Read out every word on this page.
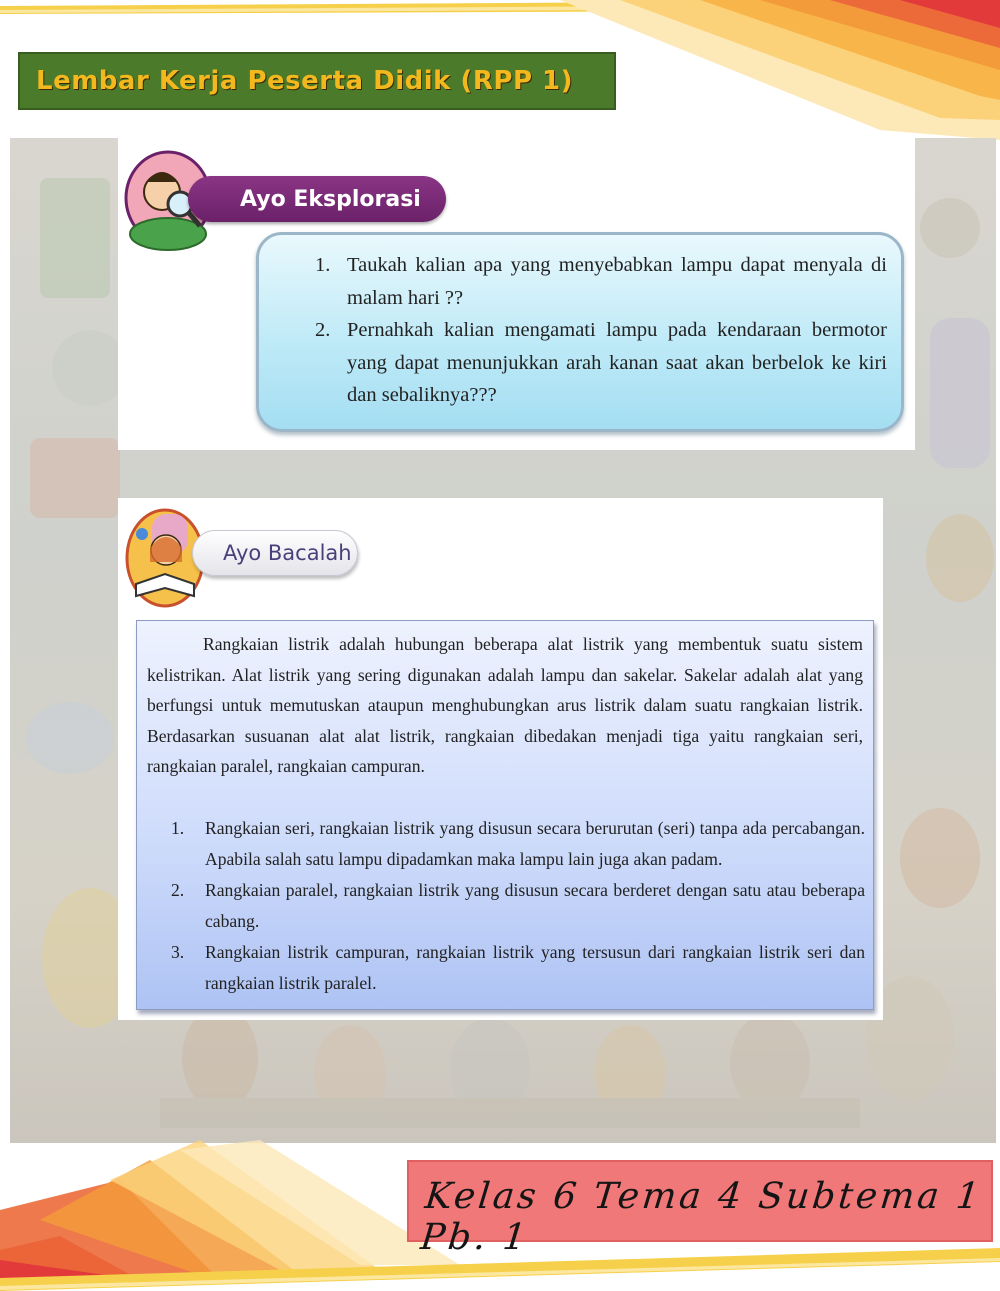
Lembar Kerja Peserta Didik (RPP 1)
Ayo Eksplorasi
1. Taukah kalian apa yang menyebabkan lampu dapat menyala di malam hari ??
2. Pernahkah kalian mengamati lampu pada kendaraan bermotor yang dapat menunjukkan arah kanan saat akan berbelok ke kiri dan sebaliknya???
Ayo Bacalah

Rangkaian listrik adalah hubungan beberapa alat listrik yang membentuk suatu sistem kelistrikan. Alat listrik yang sering digunakan adalah lampu dan sakelar. Sakelar adalah alat yang berfungsi untuk memutuskan ataupun menghubungkan arus listrik dalam suatu rangkaian listrik. Berdasarkan susuanan alat alat listrik, rangkaian dibedakan menjadi tiga yaitu rangkaian seri, rangkaian paralel, rangkaian campuran.

1.	Rangkaian seri, rangkaian listrik yang disusun secara berurutan (seri) tanpa ada percabangan. Apabila salah satu lampu dipadamkan maka lampu lain juga akan padam.
2.	Rangkaian paralel, rangkaian listrik yang disusun secara berderet dengan satu atau beberapa cabang.
3.	Rangkaian listrik campuran, rangkaian listrik yang tersusun dari rangkaian listrik seri dan rangkaian listrik paralel.
Kelas 6 Tema 4 Subtema 1 Pb. 1
